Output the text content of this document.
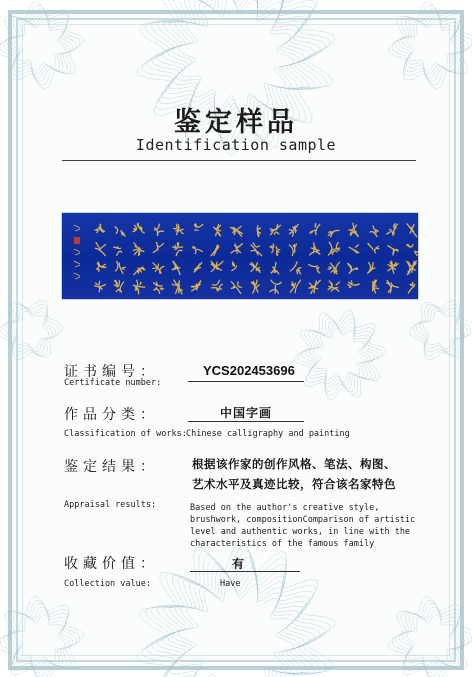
鉴定样品
Identification sample
证书编号：
Certificate number:
YCS202453696
作品分类：	中国字画
Classification of works: Chinese calligraphy and painting
鉴定结果：	根据该作家的创作风格、笔法、构图、
艺术水平及真迹比较，符合该名家特色
Appraisal results:	Based on the author's creative style,
brushwork, compositionComparison of artistic
level and authentic works, in line with the
characteristics of the famous family
收藏价值：	有
Collection value:	Have
